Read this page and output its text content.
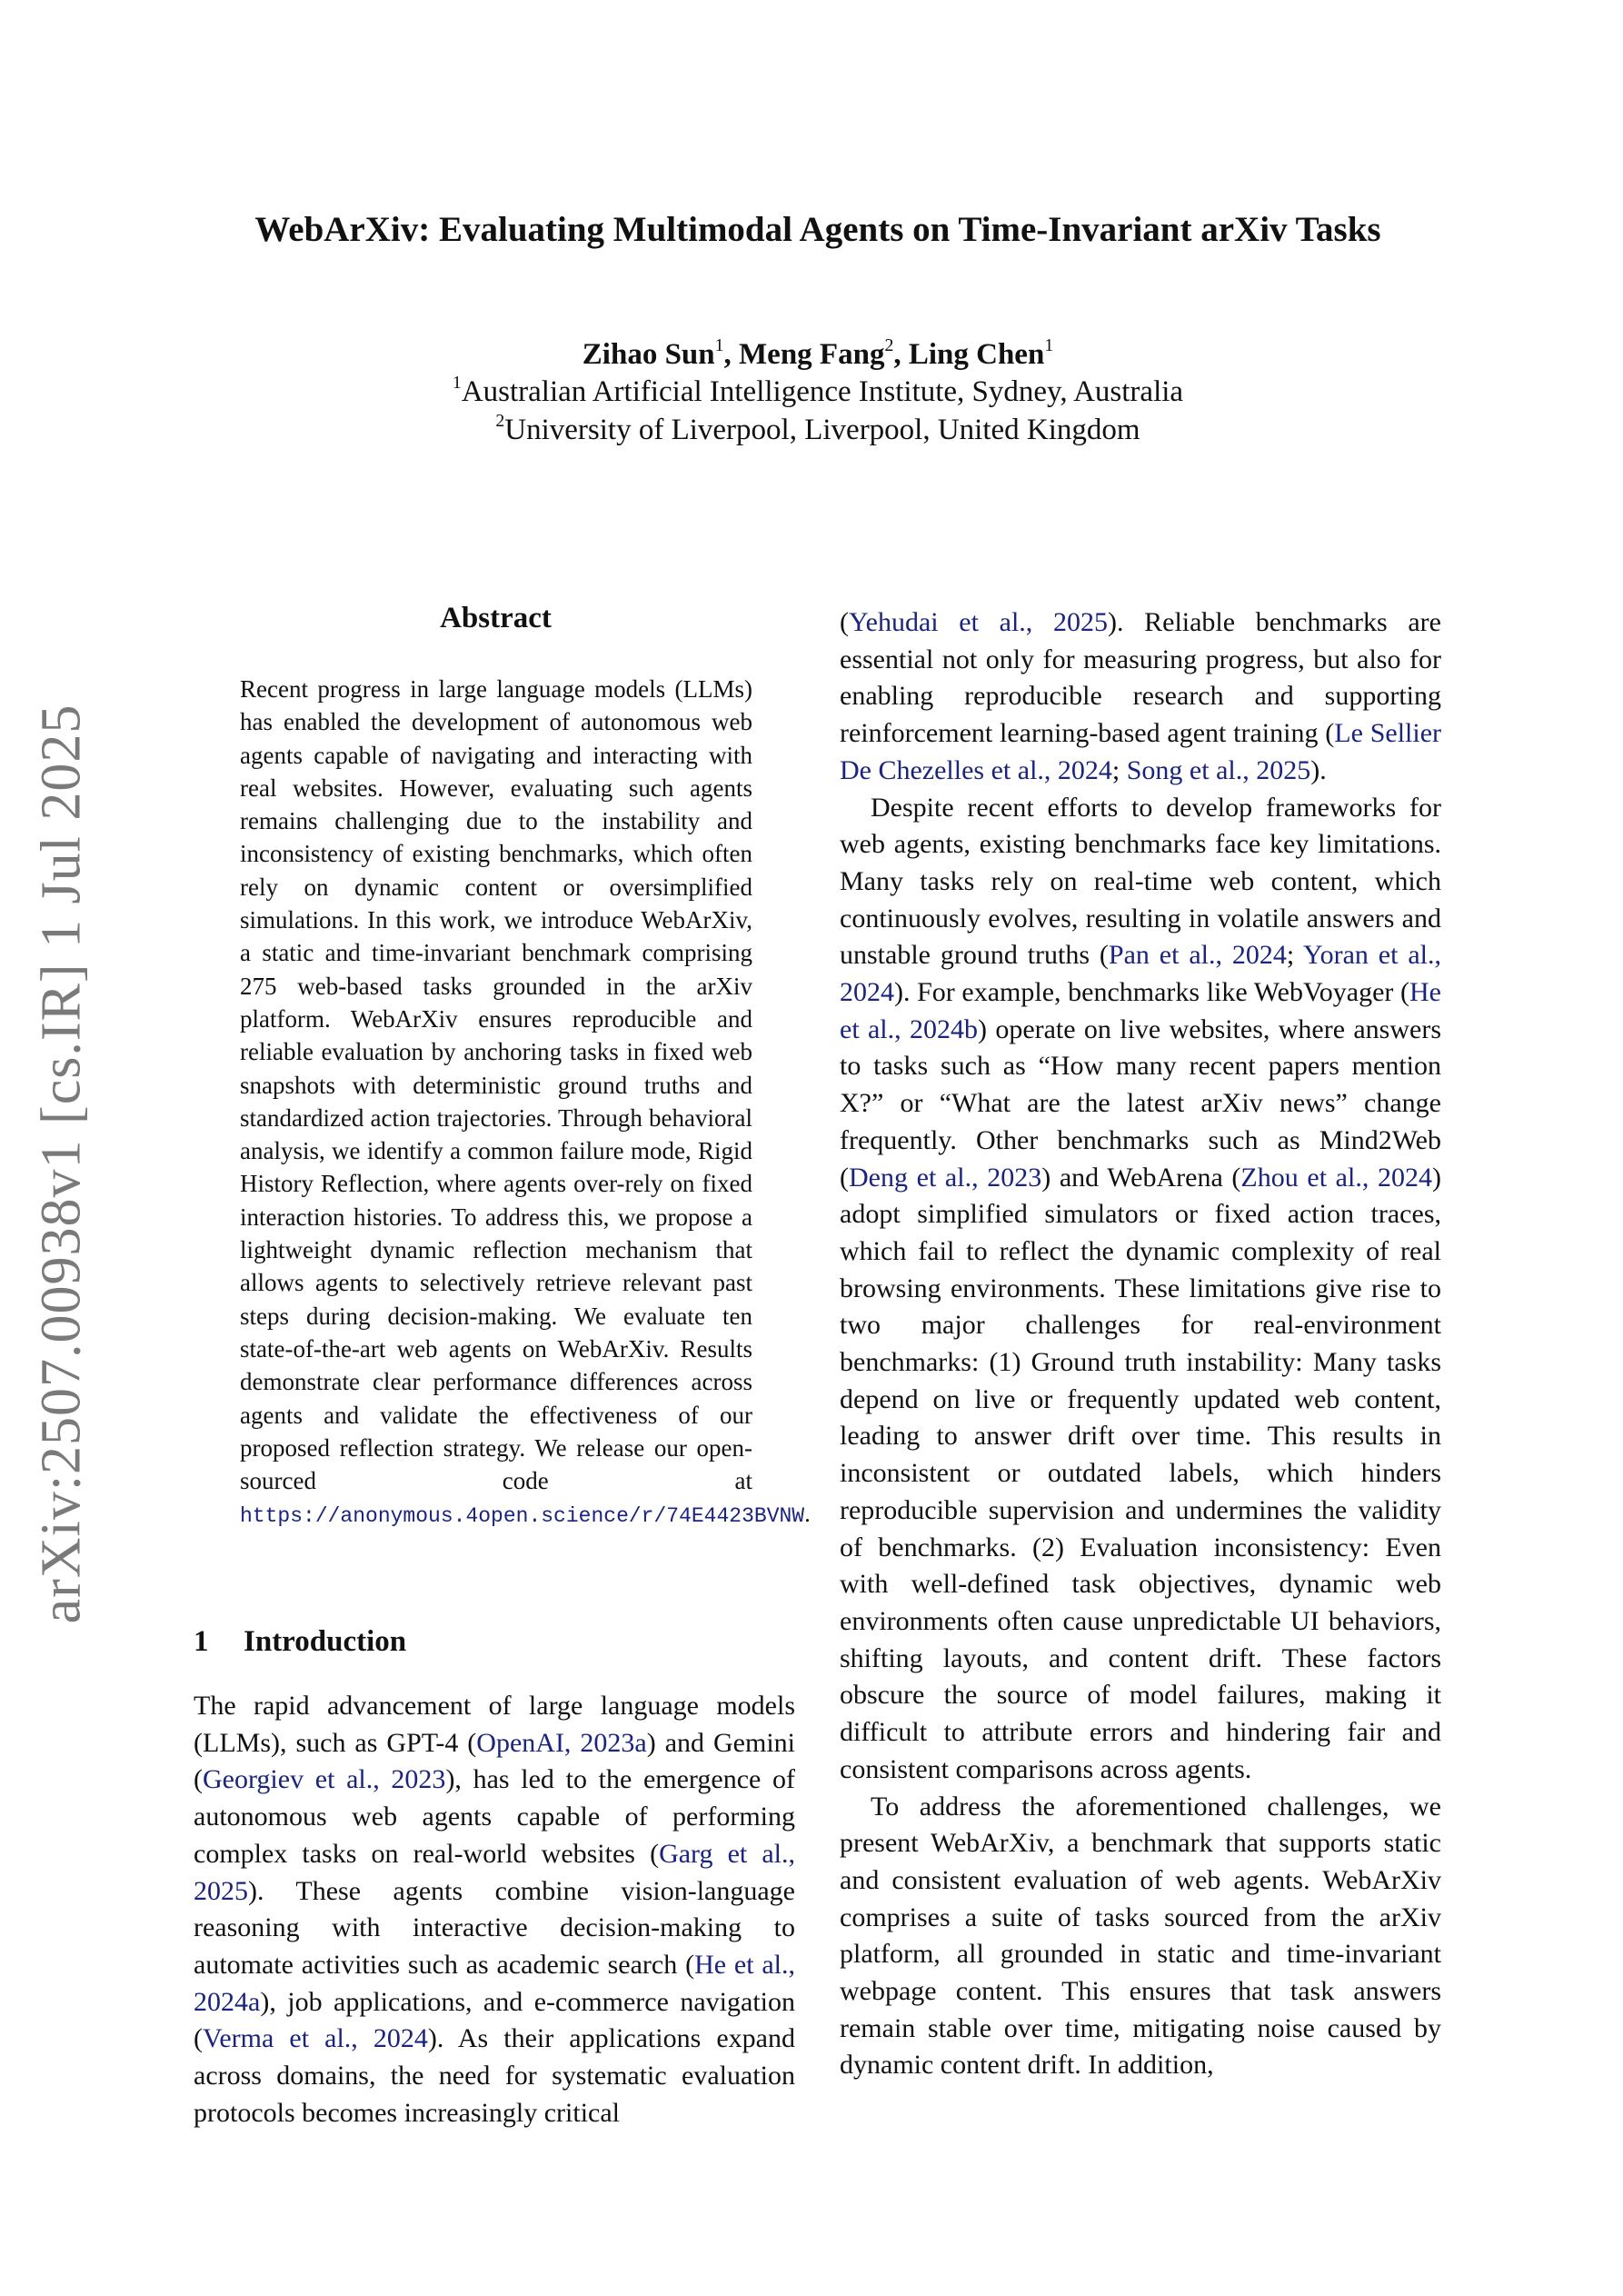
arXiv:2507.00938v1 [cs.IR] 1 Jul 2025
WebArXiv: Evaluating Multimodal Agents on Time-Invariant arXiv Tasks
Zihao Sun$^1$, Meng Fang$^2$, Ling Chen$^1$
$^1$Australian Artificial Intelligence Institute, Sydney, Australia
$^2$University of Liverpool, Liverpool, United Kingdom
Abstract
Recent progress in large language models (LLMs) has enabled the development of autonomous web agents capable of navigating and interacting with real websites. However, evaluating such agents remains challenging due to the instability and inconsistency of existing benchmarks, which often rely on dynamic content or oversimplified simulations. In this work, we introduce WebArXiv, a static and time-invariant benchmark comprising 275 web-based tasks grounded in the arXiv platform. WebArXiv ensures reproducible and reliable evaluation by anchoring tasks in fixed web snapshots with deterministic ground truths and standardized action trajectories. Through behavioral analysis, we identify a common failure mode, Rigid History Reflection, where agents over-rely on fixed interaction histories. To address this, we propose a lightweight dynamic reflection mechanism that allows agents to selectively retrieve relevant past steps during decision-making. We evaluate ten state-of-the-art web agents on WebArXiv. Results demonstrate clear performance differences across agents and validate the effectiveness of our proposed reflection strategy. We release our open-sourced code at https://anonymous.4open.science/r/74E4423BVNW.
1 Introduction

The rapid advancement of large language models (LLMs), such as GPT-4 (OpenAI, 2023a) and Gemini (Georgiev et al., 2023), has led to the emergence of autonomous web agents capable of performing complex tasks on real-world websites (Garg et al., 2025). These agents combine vision-language reasoning with interactive decision-making to automate activities such as academic search (He et al., 2024a), job applications, and e-commerce navigation (Verma et al., 2024). As their applications expand across domains, the need for systematic evaluation protocols becomes increasingly critical

(Yehudai et al., 2025). Reliable benchmarks are essential not only for measuring progress, but also for enabling reproducible research and supporting reinforcement learning-based agent training (Le Sellier De Chezelles et al., 2024; Song et al., 2025).

Despite recent efforts to develop frameworks for web agents, existing benchmarks face key limitations. Many tasks rely on real-time web content, which continuously evolves, resulting in volatile answers and unstable ground truths (Pan et al., 2024; Yoran et al., 2024). For example, benchmarks like WebVoyager (He et al., 2024b) operate on live websites, where answers to tasks such as “How many recent papers mention X?” or “What are the latest arXiv news” change frequently. Other benchmarks such as Mind2Web (Deng et al., 2023) and WebArena (Zhou et al., 2024) adopt simplified simulators or fixed action traces, which fail to reflect the dynamic complexity of real browsing environments. These limitations give rise to two major challenges for real-environment benchmarks: (1) Ground truth instability: Many tasks depend on live or frequently updated web content, leading to answer drift over time. This results in inconsistent or outdated labels, which hinders reproducible supervision and undermines the validity of benchmarks. (2) Evaluation inconsistency: Even with well-defined task objectives, dynamic web environments often cause unpredictable UI behaviors, shifting layouts, and content drift. These factors obscure the source of model failures, making it difficult to attribute errors and hindering fair and consistent comparisons across agents.

To address the aforementioned challenges, we present WebArXiv, a benchmark that supports static and consistent evaluation of web agents. WebArXiv comprises a suite of tasks sourced from the arXiv platform, all grounded in static and time-invariant webpage content. This ensures that task answers remain stable over time, mitigating noise caused by dynamic content drift. In addition,
